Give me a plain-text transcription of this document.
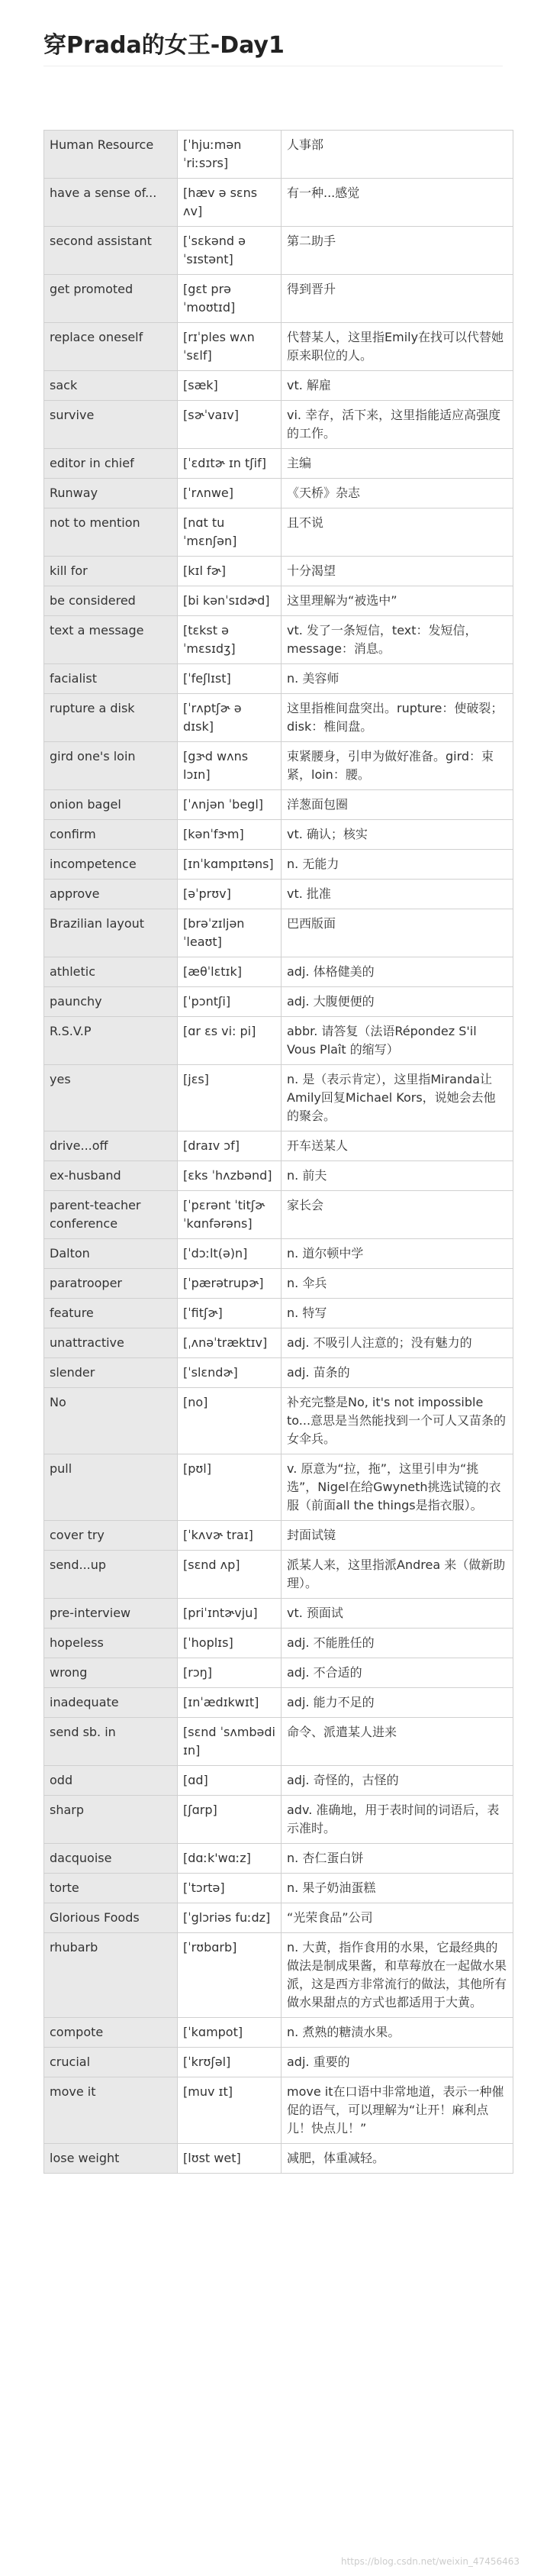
穿Prada的女王-Day1
Human Resource	[ˈhjuːmən ˈriːsɔrs]	人事部
have a sense of...	[hæv ə sɛns ʌv]	有一种...感觉
second assistant	[ˈsɛkənd əˈsɪstənt]	第二助手
get promoted	[gɛt prəˈmoʊtɪd]	得到晋升
replace oneself	[rɪˈples wʌnˈsɛlf]	代替某人，这里指Emily在找可以代替她原来职位的人。
sack	[sæk]	vt. 解雇
survive	[sɚˈvaɪv]	vi. 幸存，活下来，这里指能适应高强度的工作。
editor in chief	[ˈɛdɪtɚ ɪn tʃif]	主编
Runway	[ˈrʌnwe]	《天桥》杂志
not to mention	[nɑt tu ˈmɛnʃən]	且不说
kill for	[kɪl fɚ]	十分渴望
be considered	[bi kənˈsɪdɚd]	这里理解为“被选中”
text a message	[tɛkst ə ˈmɛsɪdʒ]	vt. 发了一条短信，text：发短信，message：消息。
facialist	[ˈfeʃlɪst]	n. 美容师
rupture a disk	[ˈrʌptʃɚ ə dɪsk]	这里指椎间盘突出。rupture：使破裂；disk：椎间盘。
gird one's loin	[gɝd wʌns lɔɪn]	束紧腰身，引申为做好准备。gird：束紧，loin：腰。
onion bagel	[ˈʌnjən ˈbegl]	洋葱面包圈
confirm	[kənˈfɝm]	vt. 确认；核实
incompetence	[ɪnˈkɑmpɪtəns]	n. 无能力
approve	[əˈprʊv]	vt. 批准
Brazilian layout	[brəˈzɪljən ˈleaʊt]	巴西版面
athletic	[æθˈlɛtɪk]	adj. 体格健美的
paunchy	[ˈpɔntʃi]	adj. 大腹便便的
R.S.V.P	[ɑr ɛs vi: pi]	abbr. 请答复（法语Répondez S'il Vous Plaît 的缩写）
yes	[jɛs]	n. 是（表示肯定），这里指Miranda让Amily回复Michael Kors，说她会去他的聚会。
drive...off	[draɪv ɔf]	开车送某人
ex-husband	[ɛks ˈhʌzbənd]	n. 前夫
parent-teacher conference	[ˈpɛrənt ˈtitʃɚ ˈkɑnfərəns]	家长会
Dalton	[ˈdɔːlt(ə)n]	n. 道尔顿中学
paratrooper	[ˈpærətrupɚ]	n. 伞兵
feature	[ˈfitʃɚ]	n. 特写
unattractive	[ˌʌnəˈtræktɪv]	adj. 不吸引人注意的；没有魅力的
slender	[ˈslɛndɚ]	adj. 苗条的
No	[no]	补充完整是No, it's not impossible to...意思是当然能找到一个可人又苗条的女伞兵。
pull	[pʊl]	v. 原意为“拉，拖”，这里引申为“挑选”，Nigel在给Gwyneth挑选试镜的衣服（前面all the things是指衣服）。
cover try	[ˈkʌvɚ traɪ]	封面试镜
send...up	[sɛnd ʌp]	派某人来，这里指派Andrea 来（做新助理）。
pre-interview	[priˈɪntɚvju]	vt. 预面试
hopeless	[ˈhoplɪs]	adj. 不能胜任的
wrong	[rɔŋ]	adj. 不合适的
inadequate	[ɪnˈædɪkwɪt]	adj. 能力不足的
send sb. in	[sɛnd ˈsʌmbədi ɪn]	命令、派遣某人进来
odd	[ɑd]	adj. 奇怪的，古怪的
sharp	[ʃɑrp]	adv. 准确地，用于表时间的词语后，表示准时。
dacquoise	[dɑːk'wɑːz]	n. 杏仁蛋白饼
torte	[ˈtɔrtə]	n. 果子奶油蛋糕
Glorious Foods	[ˈglɔriəs fuːdz]	“光荣食品”公司
rhubarb	[ˈrʊbɑrb]	n. 大黄，指作食用的水果，它最经典的做法是制成果酱，和草莓放在一起做水果派，这是西方非常流行的做法，其他所有做水果甜点的方式也都适用于大黄。
compote	[ˈkɑmpot]	n. 煮熟的糖渍水果。
crucial	[ˈkrʊʃəl]	adj. 重要的
move it	[muv ɪt]	move it在口语中非常地道，表示一种催促的语气，可以理解为“让开！麻利点儿！快点儿！”
lose weight	[lʊst wet]	减肥，体重减轻。
https://blog.csdn.net/weixin_47456463
